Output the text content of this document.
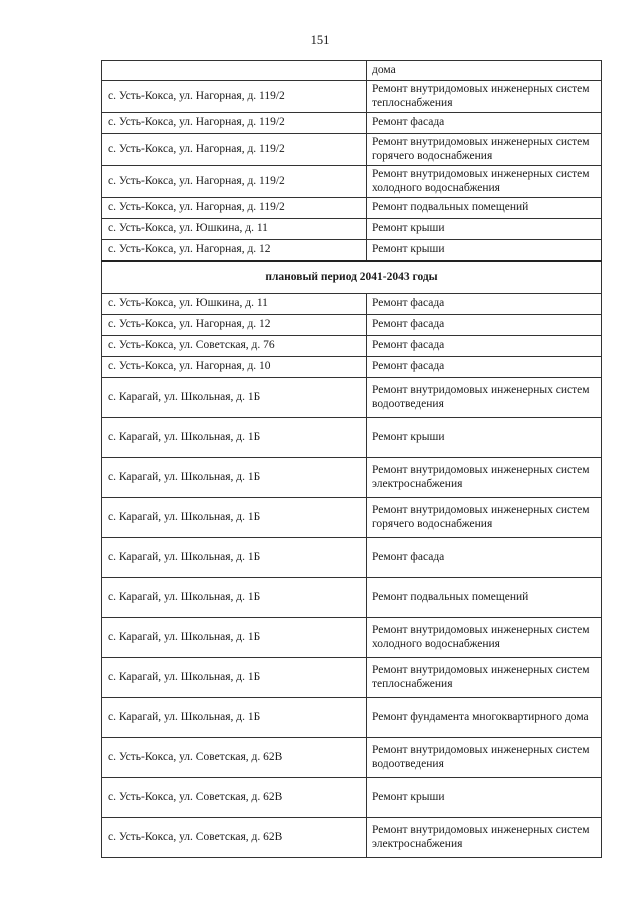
151
	дома
с. Усть-Кокса, ул. Нагорная, д. 119/2	Ремонт внутридомовых инженерных систем теплоснабжения
с. Усть-Кокса, ул. Нагорная, д. 119/2	Ремонт фасада
с. Усть-Кокса, ул. Нагорная, д. 119/2	Ремонт внутридомовых инженерных систем горячего водоснабжения
с. Усть-Кокса, ул. Нагорная, д. 119/2	Ремонт внутридомовых инженерных систем холодного водоснабжения
с. Усть-Кокса, ул. Нагорная, д. 119/2	Ремонт подвальных помещений
с. Усть-Кокса, ул. Юшкина, д. 11	Ремонт крыши
с. Усть-Кокса, ул. Нагорная, д. 12	Ремонт крыши
плановый период 2041-2043 годы	
с. Усть-Кокса, ул. Юшкина, д. 11	Ремонт фасада
с. Усть-Кокса, ул. Нагорная, д. 12	Ремонт фасада
с. Усть-Кокса, ул. Советская, д. 76	Ремонт фасада
с. Усть-Кокса, ул. Нагорная, д. 10	Ремонт фасада
с. Карагай, ул. Школьная, д. 1Б	Ремонт внутридомовых инженерных систем водоотведения
с. Карагай, ул. Школьная, д. 1Б	Ремонт крыши
с. Карагай, ул. Школьная, д. 1Б	Ремонт внутридомовых инженерных систем электроснабжения
с. Карагай, ул. Школьная, д. 1Б	Ремонт внутридомовых инженерных систем горячего водоснабжения
с. Карагай, ул. Школьная, д. 1Б	Ремонт фасада
с. Карагай, ул. Школьная, д. 1Б	Ремонт подвальных помещений
с. Карагай, ул. Школьная, д. 1Б	Ремонт внутридомовых инженерных систем холодного водоснабжения
с. Карагай, ул. Школьная, д. 1Б	Ремонт внутридомовых инженерных систем теплоснабжения
с. Карагай, ул. Школьная, д. 1Б	Ремонт фундамента многоквартирного дома
с. Усть-Кокса, ул. Советская, д. 62В	Ремонт внутридомовых инженерных систем водоотведения
с. Усть-Кокса, ул. Советская, д. 62В	Ремонт крыши
с. Усть-Кокса, ул. Советская, д. 62В	Ремонт внутридомовых инженерных систем электроснабжения
